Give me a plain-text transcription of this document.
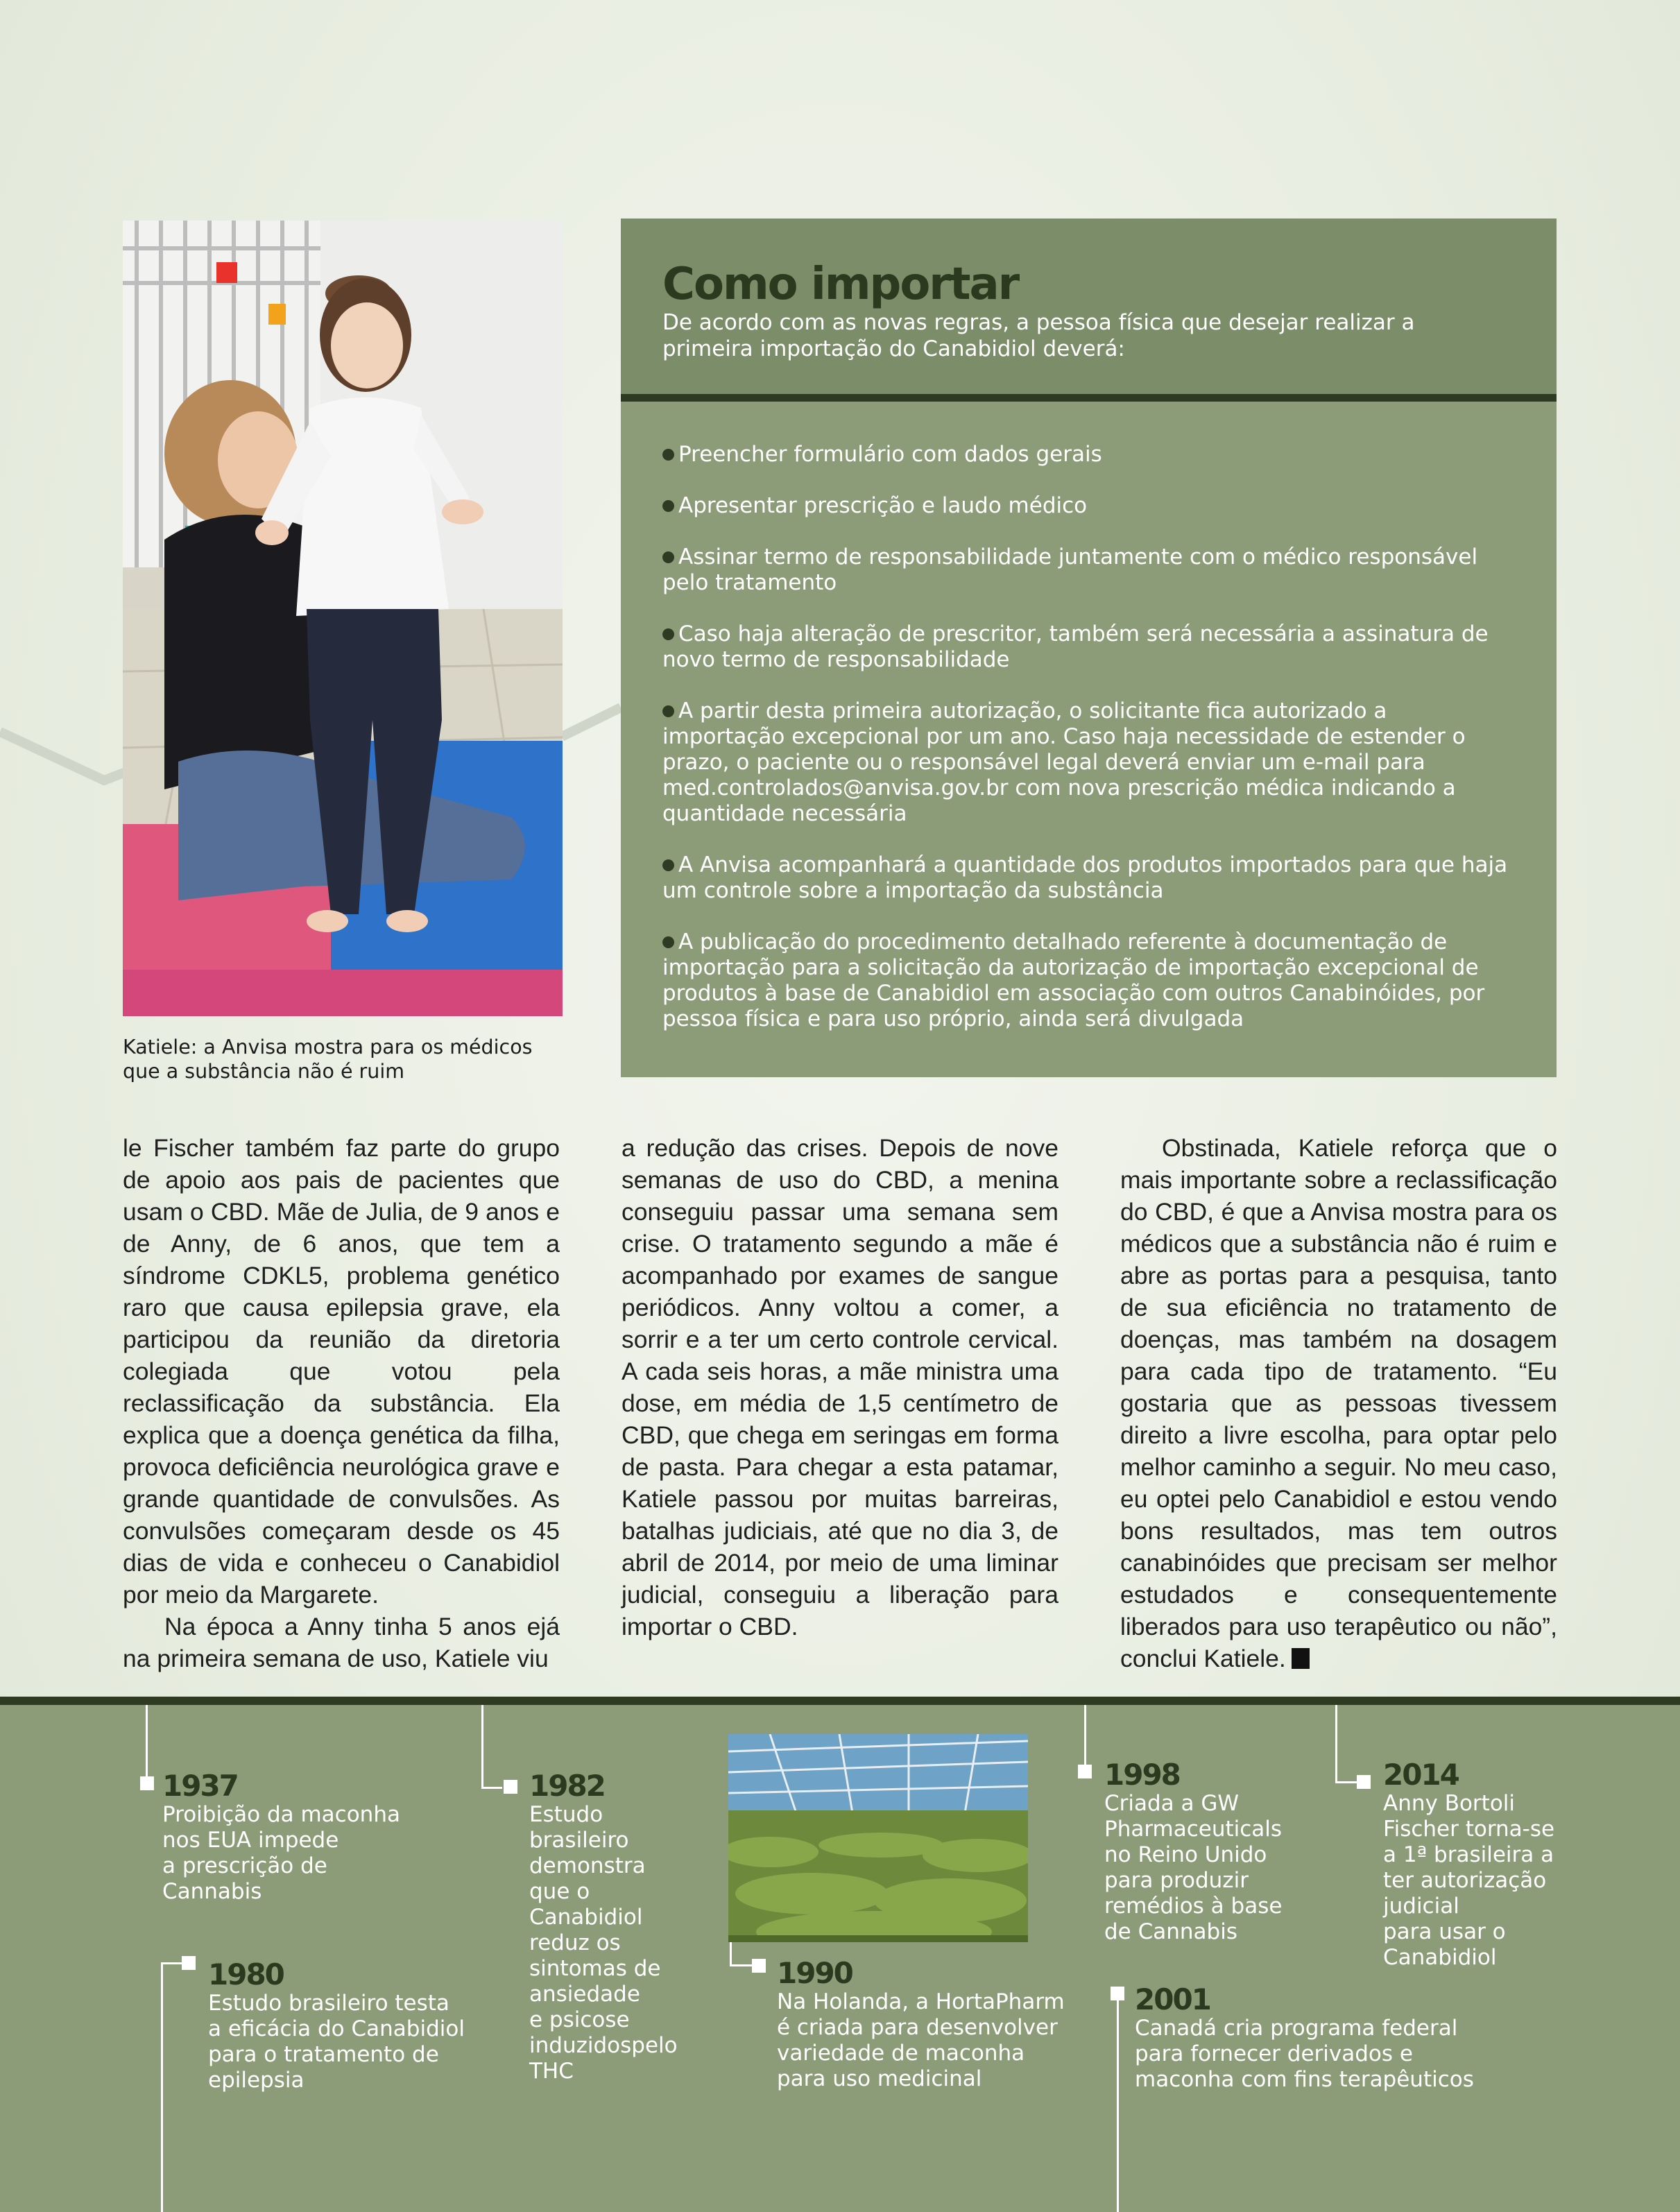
Katiele: a Anvisa mostra para os médicos que a substância não é ruim
Como importar

De acordo com as novas regras, a pessoa física que desejar realizar a primeira importação do Canabidiol deverá:

Preencher formulário com dados gerais
Apresentar prescrição e laudo médico
Assinar termo de responsabilidade juntamente com o médico responsável pelo tratamento
Caso haja alteração de prescritor, também será necessária a assinatura de novo termo de responsabilidade
A partir desta primeira autorização, o solicitante fica autorizado a importação excepcional por um ano. Caso haja necessidade de estender o prazo, o paciente ou o responsável legal deverá enviar um e-mail para med.controlados@anvisa.gov.br com nova prescrição médica indicando a quantidade necessária
A Anvisa acompanhará a quantidade dos produtos importados para que haja um controle sobre a importação da substância
A publicação do procedimento detalhado referente à documentação de importação para a solicitação da autorização de importação excepcional de produtos à base de Canabidiol em associação com outros Canabinóides, por pessoa física e para uso próprio, ainda será divulgada

le Fischer também faz parte do grupo de apoio aos pais de pacientes que usam o CBD. Mãe de Julia, de 9 anos e de Anny, de 6 anos, que tem a síndrome CDKL5, problema genético raro que causa epilepsia grave, ela participou da reunião da diretoria colegiada que votou pela reclassificação da substância. Ela explica que a doença genética da filha, provoca deficiência neurológica grave e grande quantidade de convulsões. As convulsões começaram desde os 45 dias de vida e conheceu o Canabidiol por meio da Margarete.

Na época a Anny tinha 5 anos ejá na primeira semana de uso, Katiele viu

a redução das crises. Depois de nove semanas de uso do CBD, a menina conseguiu passar uma semana sem crise. O tratamento segundo a mãe é acompanhado por exames de sangue periódicos. Anny voltou a comer, a sorrir e a ter um certo controle cervical. A cada seis horas, a mãe ministra uma dose, em média de 1,5 centímetro de CBD, que chega em seringas em forma de pasta. Para chegar a esta patamar, Katiele passou por muitas barreiras, batalhas judiciais, até que no dia 3, de abril de 2014, por meio de uma liminar judicial, conseguiu a liberação para importar o CBD.

Obstinada, Katiele reforça que o mais importante sobre a reclassificação do CBD, é que a Anvisa mostra para os médicos que a substância não é ruim e abre as portas para a pesquisa, tanto de sua eficiência no tratamento de doenças, mas também na dosagem para cada tipo de tratamento. “Eu gostaria que as pessoas tivessem direito a livre escolha, para optar pelo melhor caminho a seguir. No meu caso, eu optei pelo Canabidiol e estou vendo bons resultados, mas tem outros canabinóides que precisam ser melhor estudados e consequentemente liberados para uso terapêutico ou não”, conclui Katiele.

1937
Proibição da maconha
nos EUA impede
a prescrição de
Cannabis
1980
Estudo brasileiro testa
a eficácia do Canabidiol
para o tratamento de
epilepsia
1982
Estudo
brasileiro
demonstra
que o
Canabidiol
reduz os
sintomas de
ansiedade
e psicose
induzidospelo
THC
1990
Na Holanda, a HortaPharm
é criada para desenvolver
variedade de maconha
para uso medicinal
1998
Criada a GW
Pharmaceuticals
no Reino Unido
para produzir
remédios à base
de Cannabis
2001
Canadá cria programa federal
para fornecer derivados e
maconha com fins terapêuticos
2014
Anny Bortoli
Fischer torna-se
a 1ª brasileira a
ter autorização
judicial
para usar o
Canabidiol
